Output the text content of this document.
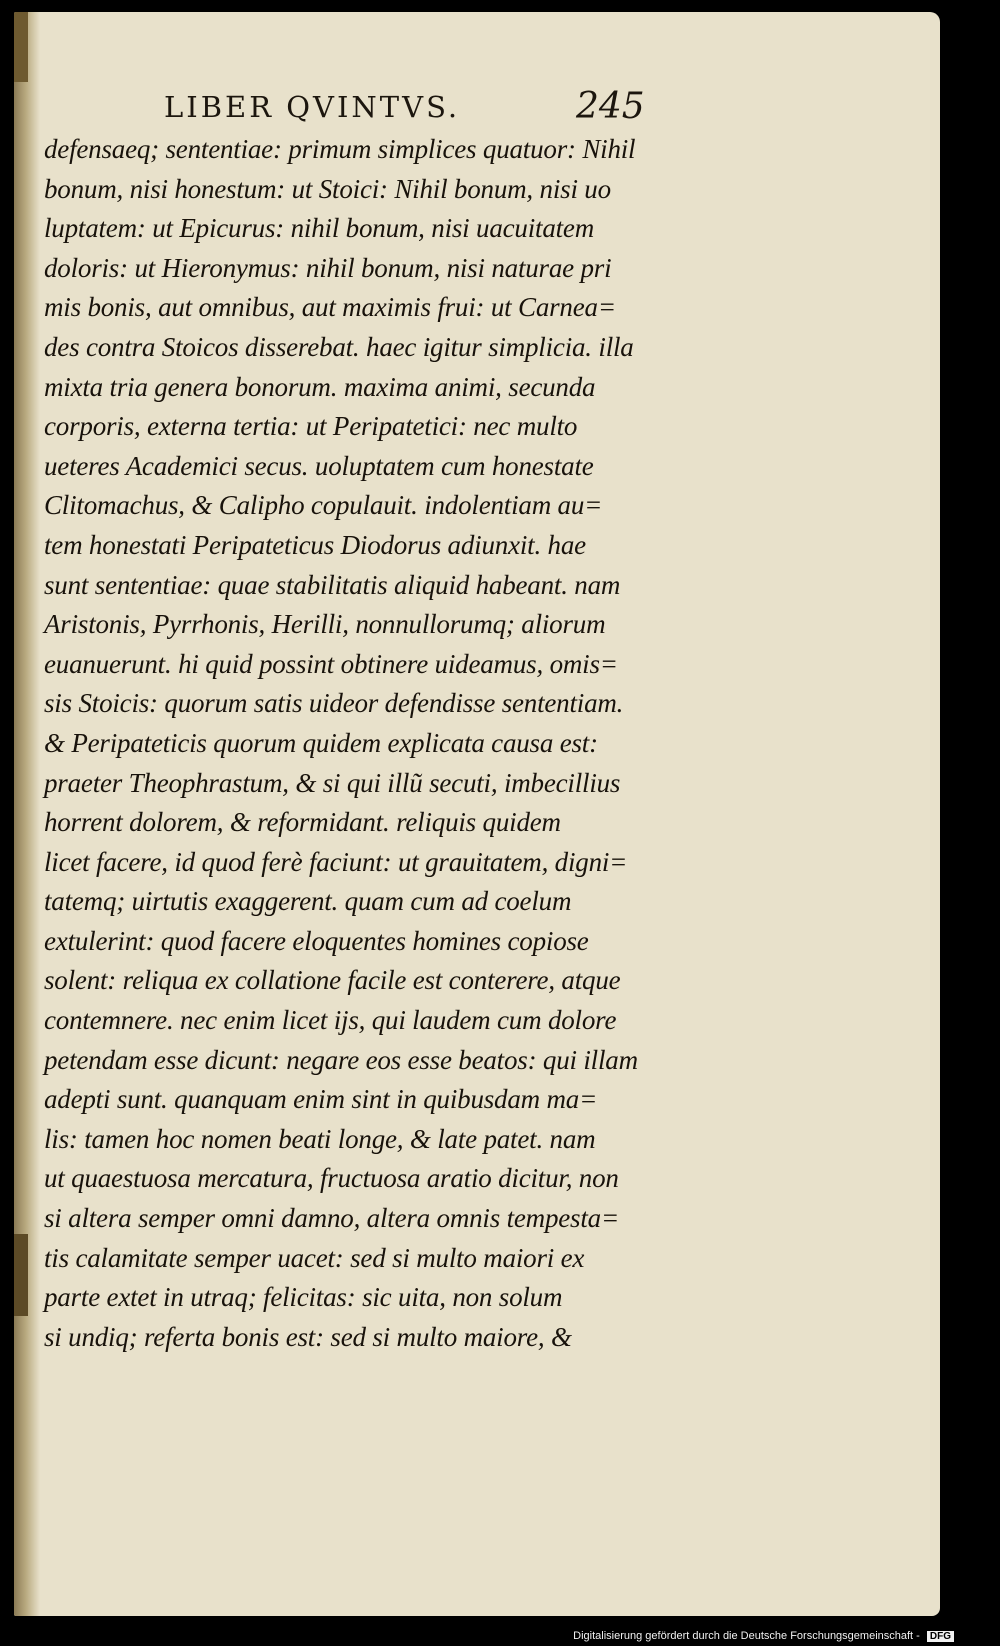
LIBER QVINTVS.	245
defensaeq; sententiae: primum simplices quatuor: Nihil
bonum, nisi honestum: ut Stoici: Nihil bonum, nisi uo
luptatem: ut Epicurus: nihil bonum, nisi uacuitatem
doloris: ut Hieronymus: nihil bonum, nisi naturae pri
mis bonis, aut omnibus, aut maximis frui: ut Carnea=
des contra Stoicos disserebat. haec igitur simplicia. illa
mixta tria genera bonorum. maxima animi, secunda
corporis, externa tertia: ut Peripatetici: nec multo
ueteres Academici secus. uoluptatem cum honestate
Clitomachus, & Calipho copulauit. indolentiam au=
tem honestati Peripateticus Diodorus adiunxit. hae
sunt sententiae: quae stabilitatis aliquid habeant. nam
Aristonis, Pyrrhonis, Herilli, nonnullorumq; aliorum
euanuerunt. hi quid possint obtinere uideamus, omis=
sis Stoicis: quorum satis uideor defendisse sententiam.
& Peripateticis quorum quidem explicata causa est:
praeter Theophrastum, & si qui illũ secuti, imbecillius
horrent dolorem, & reformidant. reliquis quidem
licet facere, id quod ferè faciunt: ut grauitatem, digni=
tatemq; uirtutis exaggerent. quam cum ad coelum
extulerint: quod facere eloquentes homines copiose
solent: reliqua ex collatione facile est conterere, atque
contemnere. nec enim licet ijs, qui laudem cum dolore
petendam esse dicunt: negare eos esse beatos: qui illam
adepti sunt. quanquam enim sint in quibusdam ma=
lis: tamen hoc nomen beati longe, & late patet. nam
ut quaestuosa mercatura, fructuosa aratio dicitur, non
si altera semper omni damno, altera omnis tempesta=
tis calamitate semper uacet: sed si multo maiori ex
parte extet in utraq; felicitas: sic uita, non solum
si undiq; referta bonis est: sed si multo maiore, &
Digitalisierung gefördert durch die Deutsche Forschungsgemeinschaft - DFG
